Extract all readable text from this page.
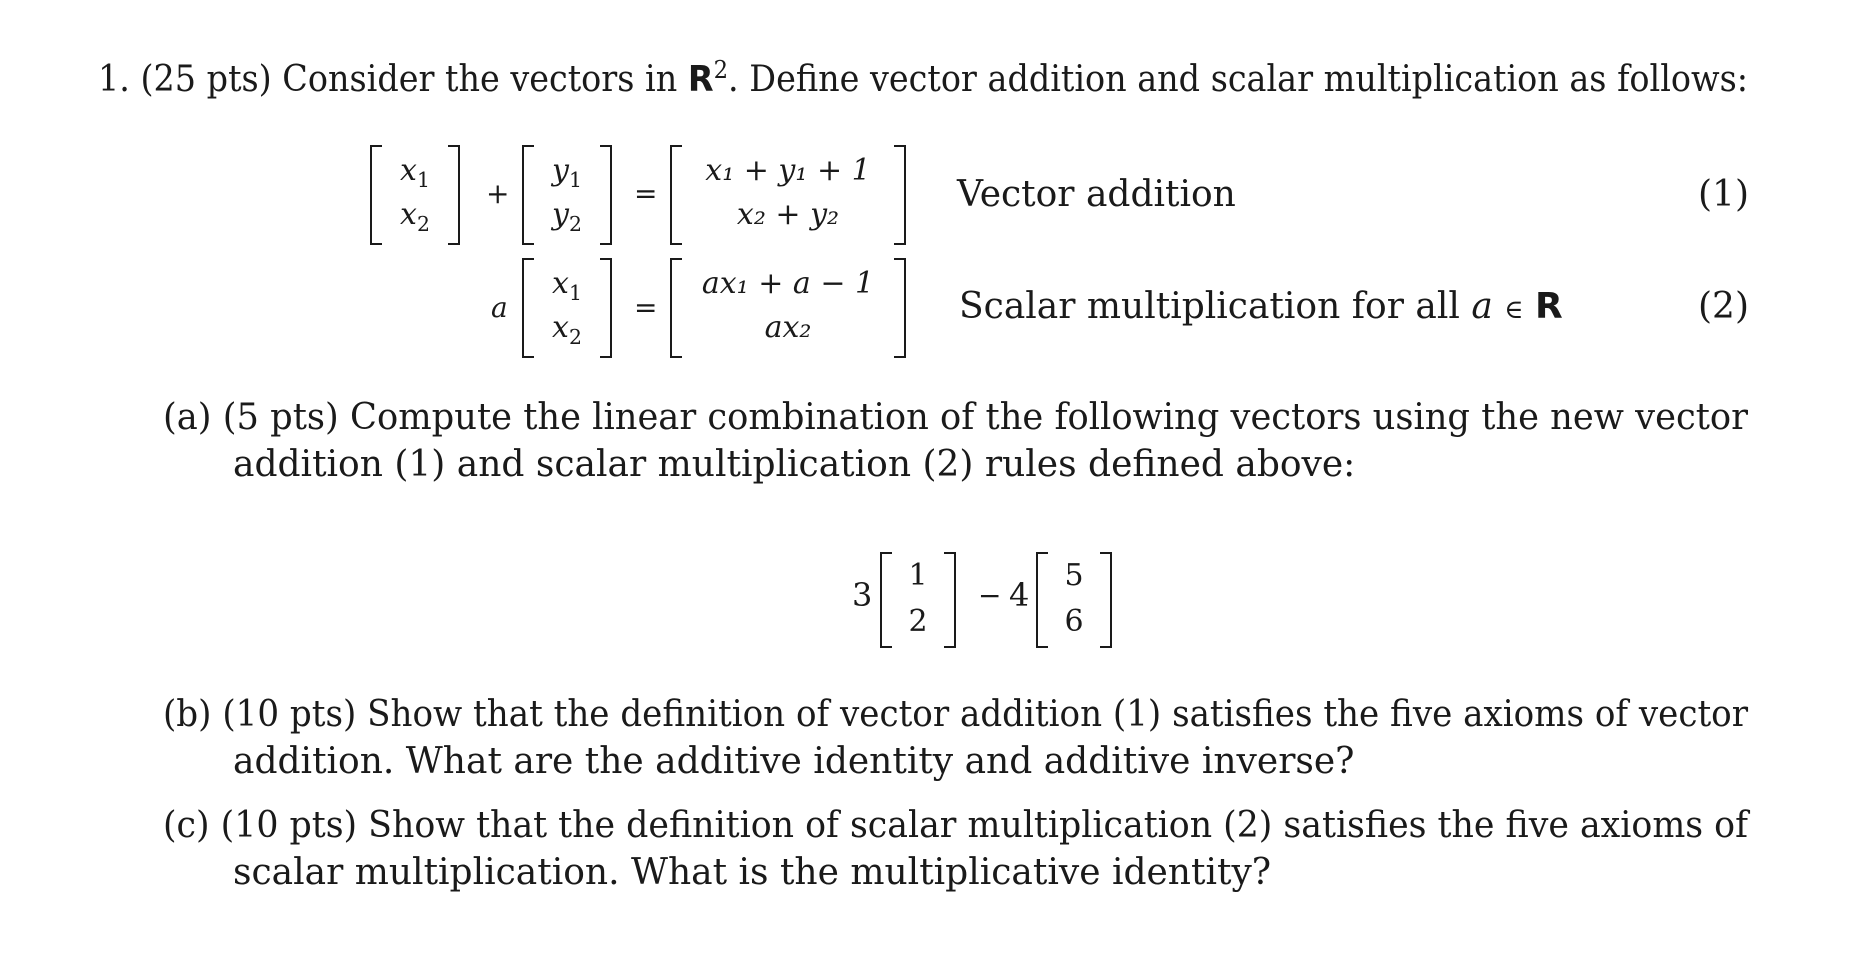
1. (25 pts) Consider the vectors in $R^2$. Define vector addition and scalar multiplication as follows:
$x_1$
$x_2$
+
$y_1$
$y_2$
=
x₁ + y₁ + 1
x₂ + y₂	Vector addition	(1)
a
$x_1$
$x_2$
=
ax₁ + a − 1
ax₂
Scalar multiplication for all a ∈ R	(2)
(a) (5 pts) Compute the linear combination of the following vectors using the new vector
addition (1) and scalar multiplication (2) rules defined above:
3
1
2
− 4
5
6
(b) (10 pts) Show that the definition of vector addition (1) satisfies the five axioms of vector
addition. What are the additive identity and additive inverse?
(c) (10 pts) Show that the definition of scalar multiplication (2) satisfies the five axioms of
scalar multiplication. What is the multiplicative identity?
